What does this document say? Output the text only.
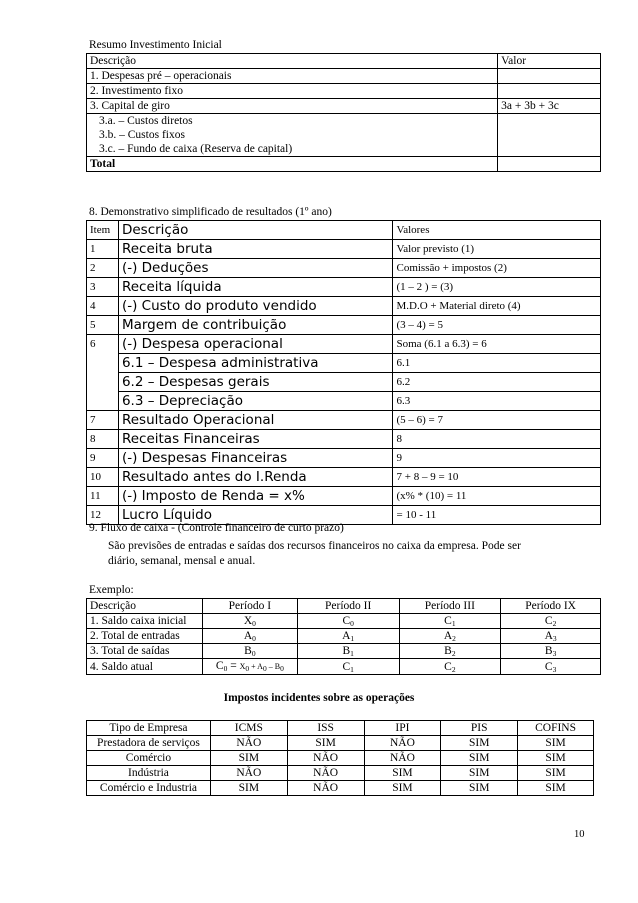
Resumo Investimento Inicial
Descrição	Valor
1. Despesas pré – operacionais	
2. Investimento fixo	
3. Capital de giro	3a + 3b + 3c
3.a. – Custos diretos	
3.b. – Custos fixos	
3.c. – Fundo de caixa (Reserva de capital)	
Total	
8. Demonstrativo simplificado de resultados (1º ano)
Item	Descrição	Valores
1	Receita bruta	Valor previsto (1)
2	(-) Deduções	Comissão + impostos (2)
3	Receita líquida	(1 – 2 ) = (3)
4	(-) Custo do produto vendido	M.D.O + Material direto (4)
5	Margem de contribuição	(3 – 4) = 5
6	(-) Despesa operacional	Soma (6.1 a 6.3) = 6
	6.1 – Despesa administrativa	6.1
	6.2 – Despesas gerais	6.2
	6.3 – Depreciação	6.3
7	Resultado Operacional	(5 – 6) = 7
8	Receitas Financeiras	8
9	(-) Despesas Financeiras	9
10	Resultado antes do I.Renda	7 + 8 – 9 = 10
11	(-) Imposto de Renda = x%	(x% * (10) = 11
12	Lucro Líquido	= 10 - 11
9. Fluxo de caixa - (Controle financeiro de curto prazo)
São previsões de entradas e saídas dos recursos financeiros no caixa da empresa. Pode ser
diário, semanal, mensal e anual.
Exemplo:
Descrição	Período I	Período II	Período III	Período IX
1. Saldo caixa inicial	$X_0$	$C_0$	$C_1$	$C_2$
2. Total de entradas	$A_0$	$A_1$	$A_2$	$A_3$
3. Total de saídas	$B_0$	$B_1$	$B_2$	$B_3$
4. Saldo atual	$C_0 = X_0 + A_0 - B_0$	$C_1$	$C_2$	$C_3$
Impostos incidentes sobre as operações
Tipo de Empresa	ICMS	ISS	IPI	PIS	COFINS
Prestadora de serviços	NÃO	SIM	NÃO	SIM	SIM
Comércio	SIM	NÃO	NÃO	SIM	SIM
Indústria	NÃO	NÃO	SIM	SIM	SIM
Comércio e Industria	SIM	NÃO	SIM	SIM	SIM
10
